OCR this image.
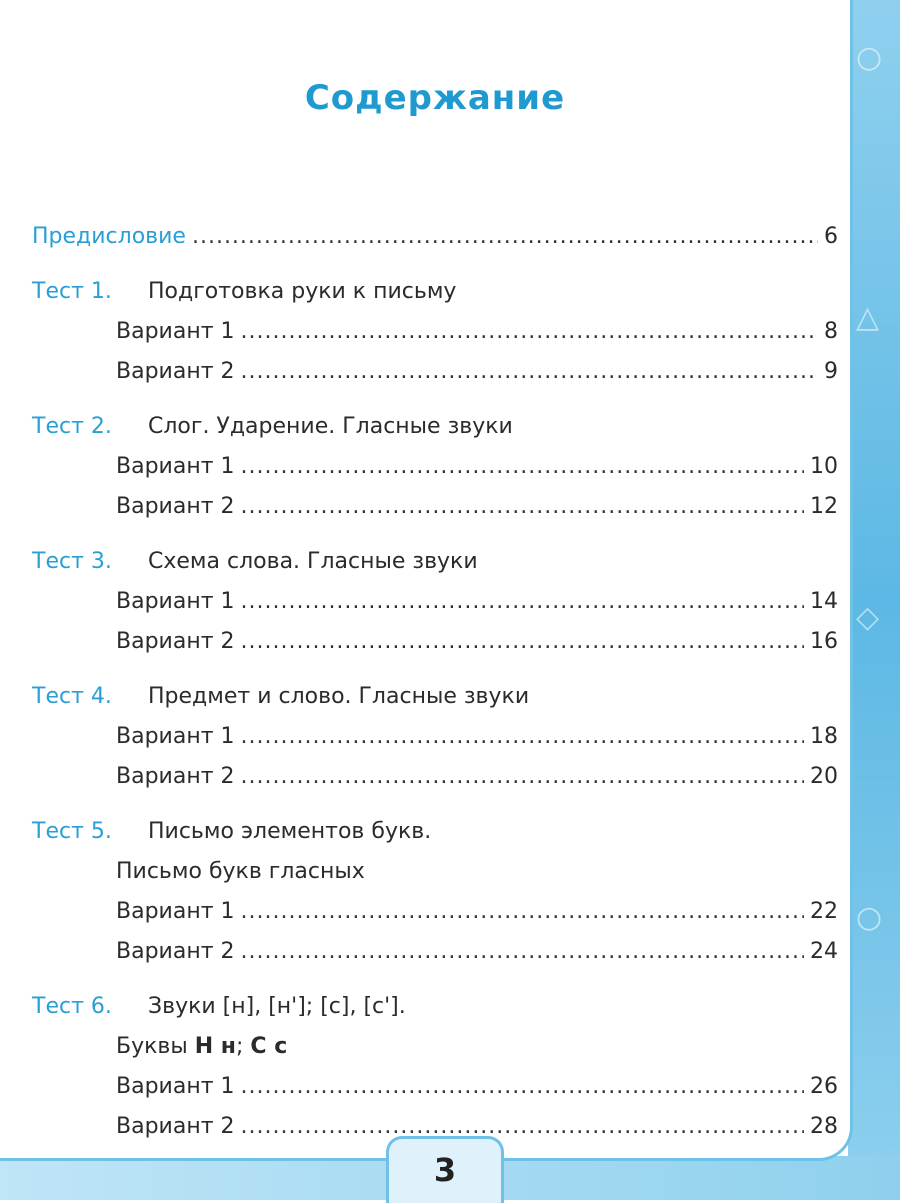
○
△
◇
○
Содержание
Предисловие .....	6
Тест 1.	Подготовка руки к письму
Вариант 1 .....	8
Вариант 2 .....	9
Тест 2.	Слог. Ударение. Гласные звуки
Вариант 1 .....	10
Вариант 2 .....	12
Тест 3.	Схема слова. Гласные звуки
Вариант 1 .....	14
Вариант 2 .....	16
Тест 4.	Предмет и слово. Гласные звуки
Вариант 1 .....	18
Вариант 2 .....	20
Тест 5.	Письмо элементов букв.
Письмо букв гласных
Вариант 1 .....	22
Вариант 2 .....	24
Тест 6.	Звуки [н], [н']; [с], [с'].
Буквы Н н ; С с
Вариант 1 .....	26
Вариант 2 .....	28
3
